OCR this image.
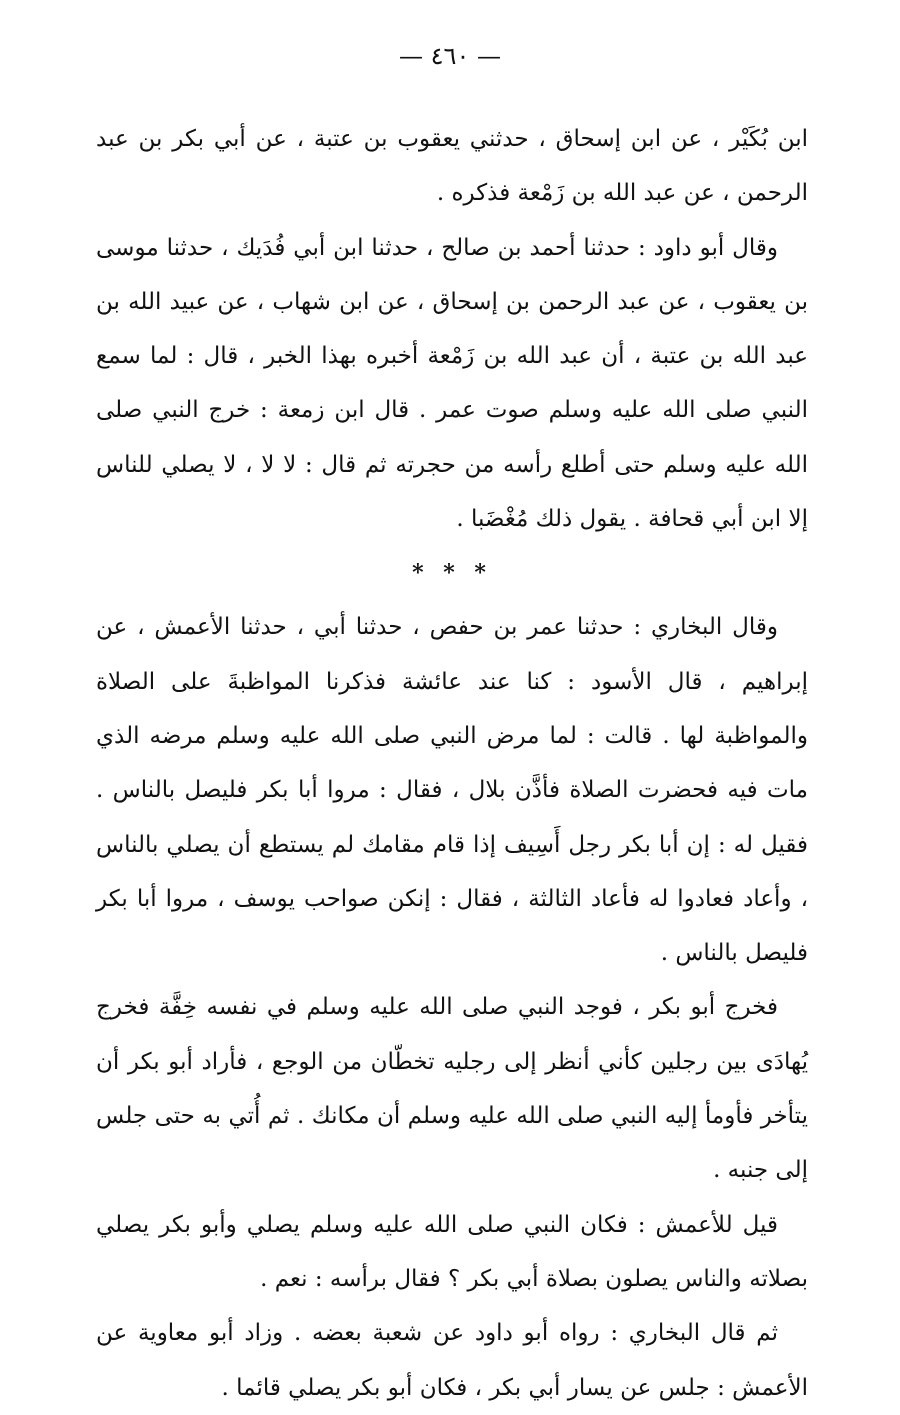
— ٤٦٠ —

ابن بُكَيْر ، عن ابن إسحاق ، حدثني يعقوب بن عتبة ، عن أبي بكر بن عبد الرحمن ، عن عبد الله بن زَمْعة فذكره .

وقال أبو داود : حدثنا أحمد بن صالح ، حدثنا ابن أبي فُدَيك ، حدثنا موسى بن يعقوب ، عن عبد الرحمن بن إسحاق ، عن ابن شهاب ، عن عبيد الله بن عبد الله بن عتبة ، أن عبد الله بن زَمْعة أخبره بهذا الخبر ، قال : لما سمع النبي صلى الله عليه وسلم صوت عمر . قال ابن زمعة : خرج النبي صلى الله عليه وسلم حتى أطلع رأسه من حجرته ثم قال : لا لا ، لا يصلي للناس إلا ابن أبي قحافة . يقول ذلك مُغْضَبا .

* * *

وقال البخاري : حدثنا عمر بن حفص ، حدثنا أبي ، حدثنا الأعمش ، عن إبراهيم ، قال الأسود : كنا عند عائشة فذكرنا المواظبةَ على الصلاة والمواظبة لها . قالت : لما مرض النبي صلى الله عليه وسلم مرضه الذي مات فيه فحضرت الصلاة فأذَّن بلال ، فقال : مروا أبا بكر فليصل بالناس . فقيل له : إن أبا بكر رجل أَسِيف إذا قام مقامك لم يستطع أن يصلي بالناس ، وأعاد فعادوا له فأعاد الثالثة ، فقال : إنكن صواحب يوسف ، مروا أبا بكر فليصل بالناس .

فخرج أبو بكر ، فوجد النبي صلى الله عليه وسلم في نفسه خِفَّة فخرج يُهادَى بين رجلين كأني أنظر إلى رجليه تخطّان من الوجع ، فأراد أبو بكر أن يتأخر فأومأ إليه النبي صلى الله عليه وسلم أن مكانك . ثم أُتي به حتى جلس إلى جنبه .

قيل للأعمش : فكان النبي صلى الله عليه وسلم يصلي وأبو بكر يصلي بصلاته والناس يصلون بصلاة أبي بكر ؟ فقال برأسه : نعم .

ثم قال البخاري : رواه أبو داود عن شعبة بعضه . وزاد أبو معاوية عن الأعمش : جلس عن يسار أبي بكر ، فكان أبو بكر يصلي قائما .
